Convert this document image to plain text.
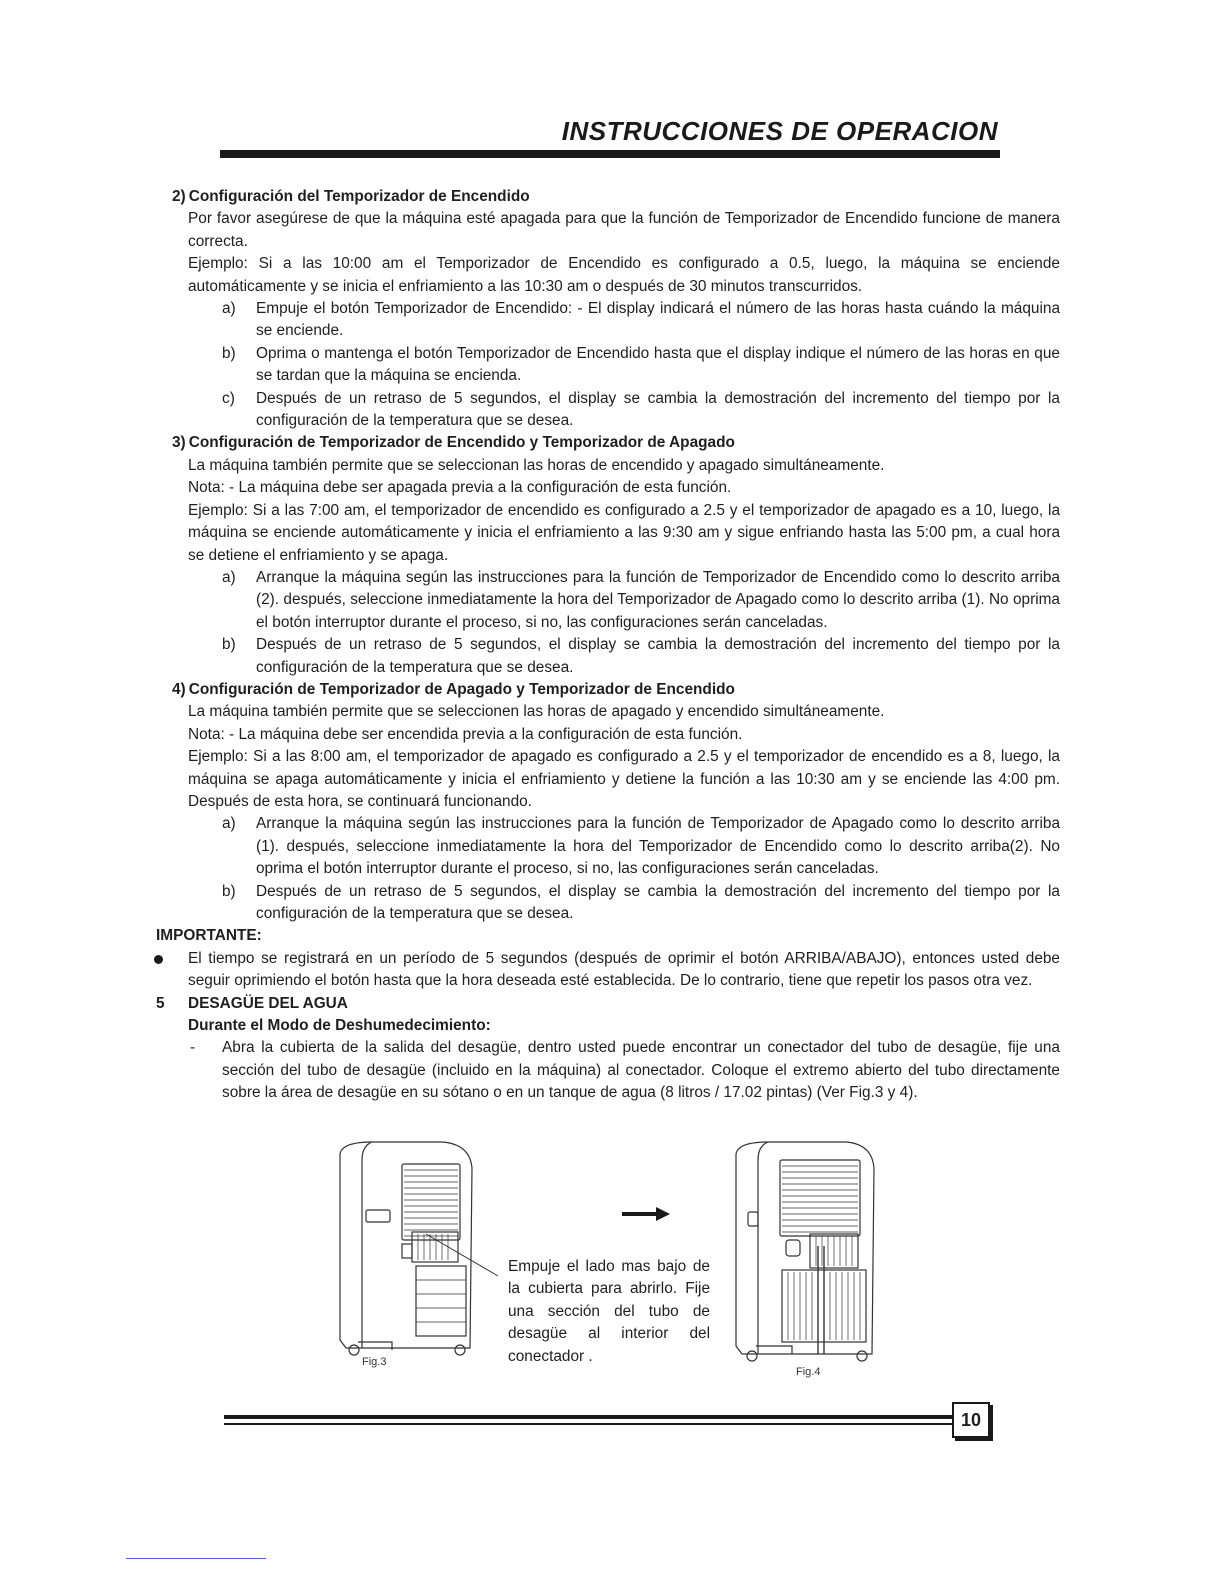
INSTRUCCIONES DE OPERACION

2) Configuración del Temporizador de Encendido

Por favor asegúrese de que la máquina esté apagada para que la función de Temporizador de Encendido funcione de manera correcta.

Ejemplo: Si a las 10:00 am el Temporizador de Encendido es configurado a 0.5, luego, la máquina se enciende automáticamente y se inicia el enfriamiento a las 10:30 am o después de 30 minutos transcurridos.

a) Empuje el botón Temporizador de Encendido: - El display indicará el número de las horas hasta cuándo la máquina se enciende.
b) Oprima o mantenga el botón Temporizador de Encendido hasta que el display indique el número de las horas en que se tardan que la máquina se encienda.
c) Después de un retraso de 5 segundos, el display se cambia la demostración del incremento del tiempo por la configuración de la temperatura que se desea.

3) Configuración de Temporizador de Encendido y Temporizador de Apagado

La máquina también permite que se seleccionan las horas de encendido y apagado simultáneamente.

Nota: - La máquina debe ser apagada previa a la configuración de esta función.

Ejemplo: Si a las 7:00 am, el temporizador de encendido es configurado a 2.5 y el temporizador de apagado es a 10, luego, la máquina se enciende automáticamente y inicia el enfriamiento a las 9:30 am y sigue enfriando hasta las 5:00 pm, a cual hora se detiene el enfriamiento y se apaga.

a) Arranque la máquina según las instrucciones para la función de Temporizador de Encendido como lo descrito arriba (2). después, seleccione inmediatamente la hora del Temporizador de Apagado como lo descrito arriba (1). No oprima el botón interruptor durante el proceso, si no, las configuraciones serán canceladas.
b) Después de un retraso de 5 segundos, el display se cambia la demostración del incremento del tiempo por la configuración de la temperatura que se desea.

4) Configuración de Temporizador de Apagado y Temporizador de Encendido

La máquina también permite que se seleccionen las horas de apagado y encendido simultáneamente.

Nota: - La máquina debe ser encendida previa a la configuración de esta función.

Ejemplo: Si a las 8:00 am, el temporizador de apagado es configurado a 2.5 y el temporizador de encendido es a 8, luego, la máquina se apaga automáticamente y inicia el enfriamiento y detiene la función a las 10:30 am y se enciende las 4:00 pm. Después de esta hora, se continuará funcionando.

a) Arranque la máquina según las instrucciones para la función de Temporizador de Apagado como lo descrito arriba (1). después, seleccione inmediatamente la hora del Temporizador de Encendido como lo descrito arriba(2). No oprima el botón interruptor durante el proceso, si no, las configuraciones serán canceladas.
b) Después de un retraso de 5 segundos, el display se cambia la demostración del incremento del tiempo por la configuración de la temperatura que se desea.

IMPORTANTE:

El tiempo se registrará en un período de 5 segundos (después de oprimir el botón ARRIBA/ABAJO), entonces usted debe seguir oprimiendo el botón hasta que la hora deseada esté establecida. De lo contrario, tiene que repetir los pasos otra vez.
5 DESAGÜE DEL AGUA

Durante el Modo de Deshumedecimiento:

- Abra la cubierta de la salida del desagüe, dentro usted puede encontrar un conectador del tubo de desagüe, fije una sección del tubo de desagüe (incluido en la máquina) al conectador. Coloque el extremo abierto del tubo directamente sobre la área de desagüe en su sótano o en un tanque de agua (8 litros / 17.02 pintas) (Ver Fig.3 y 4).
Fig.3
Empuje el lado mas bajo de la cubierta para abrirlo. Fije una sección del tubo de desagüe al interior del conectador .
Fig.4
10
